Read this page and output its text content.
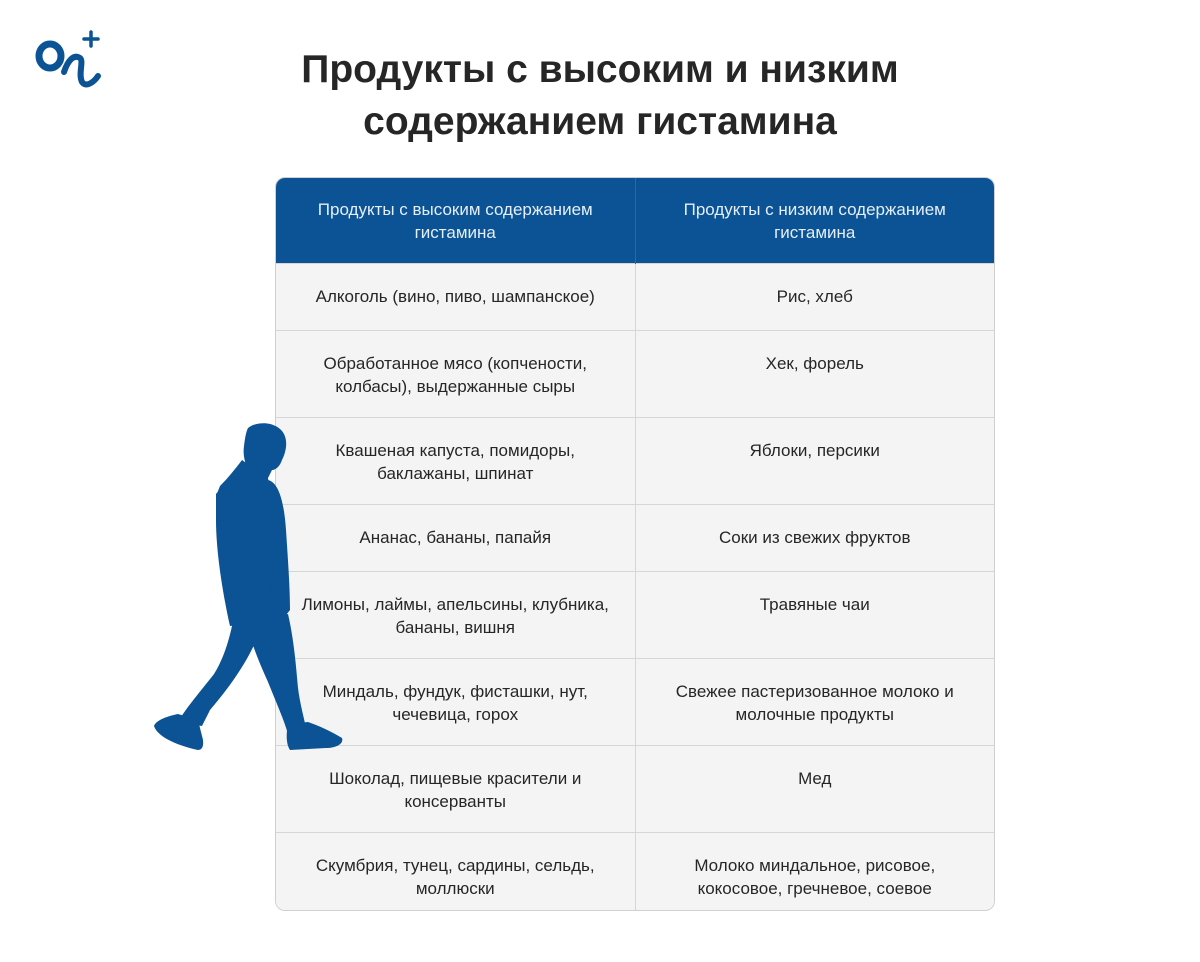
Продукты с высоким и низким
содержанием гистамина
Продукты с высоким содержанием гистамина	Продукты с низким содержанием гистамина
Алкоголь (вино, пиво, шампанское)	Рис, хлеб
Обработанное мясо (копчености, колбасы), выдержанные сыры	Хек, форель
Квашеная капуста, помидоры, баклажаны, шпинат	Яблоки, персики
Ананас, бананы, папайя	Соки из свежих фруктов
Лимоны, лаймы, апельсины, клубника, бананы, вишня	Травяные чаи
Миндаль, фундук, фисташки, нут, чечевица, горох	Свежее пастеризованное молоко и молочные продукты
Шоколад, пищевые красители и консерванты	Мед
Скумбрия, тунец, сардины, сельдь, моллюски	Молоко миндальное, рисовое, кокосовое, гречневое, соевое
